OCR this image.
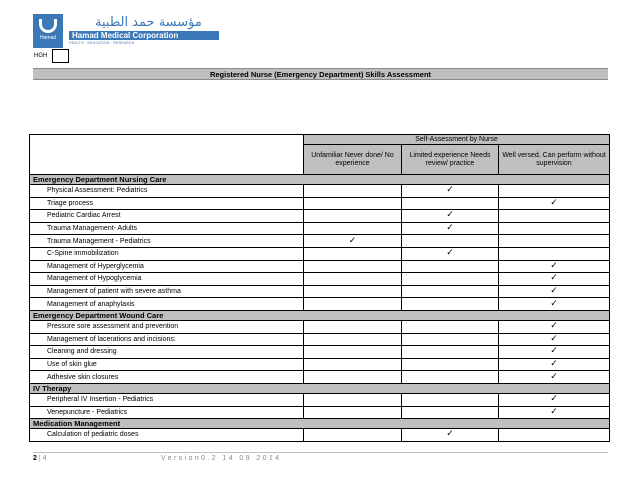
Hamad
مؤسسة حمد الطبية
Hamad Medical Corporation
HEALTH · EDUCATION · RESEARCH
HGH
Registered Nurse (Emergency Department) Skills Assessment
	Self-Assessment by Nurse		
	Unfamiliar Never done/ No experience	Limited experience Needs review/ practice	Well versed. Can perform without supervision
Emergency Department Nursing Care			
Physical Assessment: Pediatrics		✓	
Triage process			✓
Pediatric Cardiac Arrest		✓	
Trauma Management- Adults		✓	
Trauma Management - Pediatrics	✓		
C-Spine immobilization		✓	
Management of Hyperglycemia			✓
Management of Hypoglycemia			✓
Management of patient with severe asthma			✓
Management of anaphylaxis			✓
Emergency Department Wound Care			
Pressure sore assessment and prevention			✓
Management of lacerations and incisions:			✓
Cleaning and dressing			✓
Use of skin glue			✓
Adhesive skin closures			✓
IV Therapy			
Peripheral IV Insertion - Pediatrics			✓
Venepuncture - Pediatrics			✓
Medication Management			
Calculation of pediatric doses		✓	
2 | 4	Version0.2 14 09 2014
